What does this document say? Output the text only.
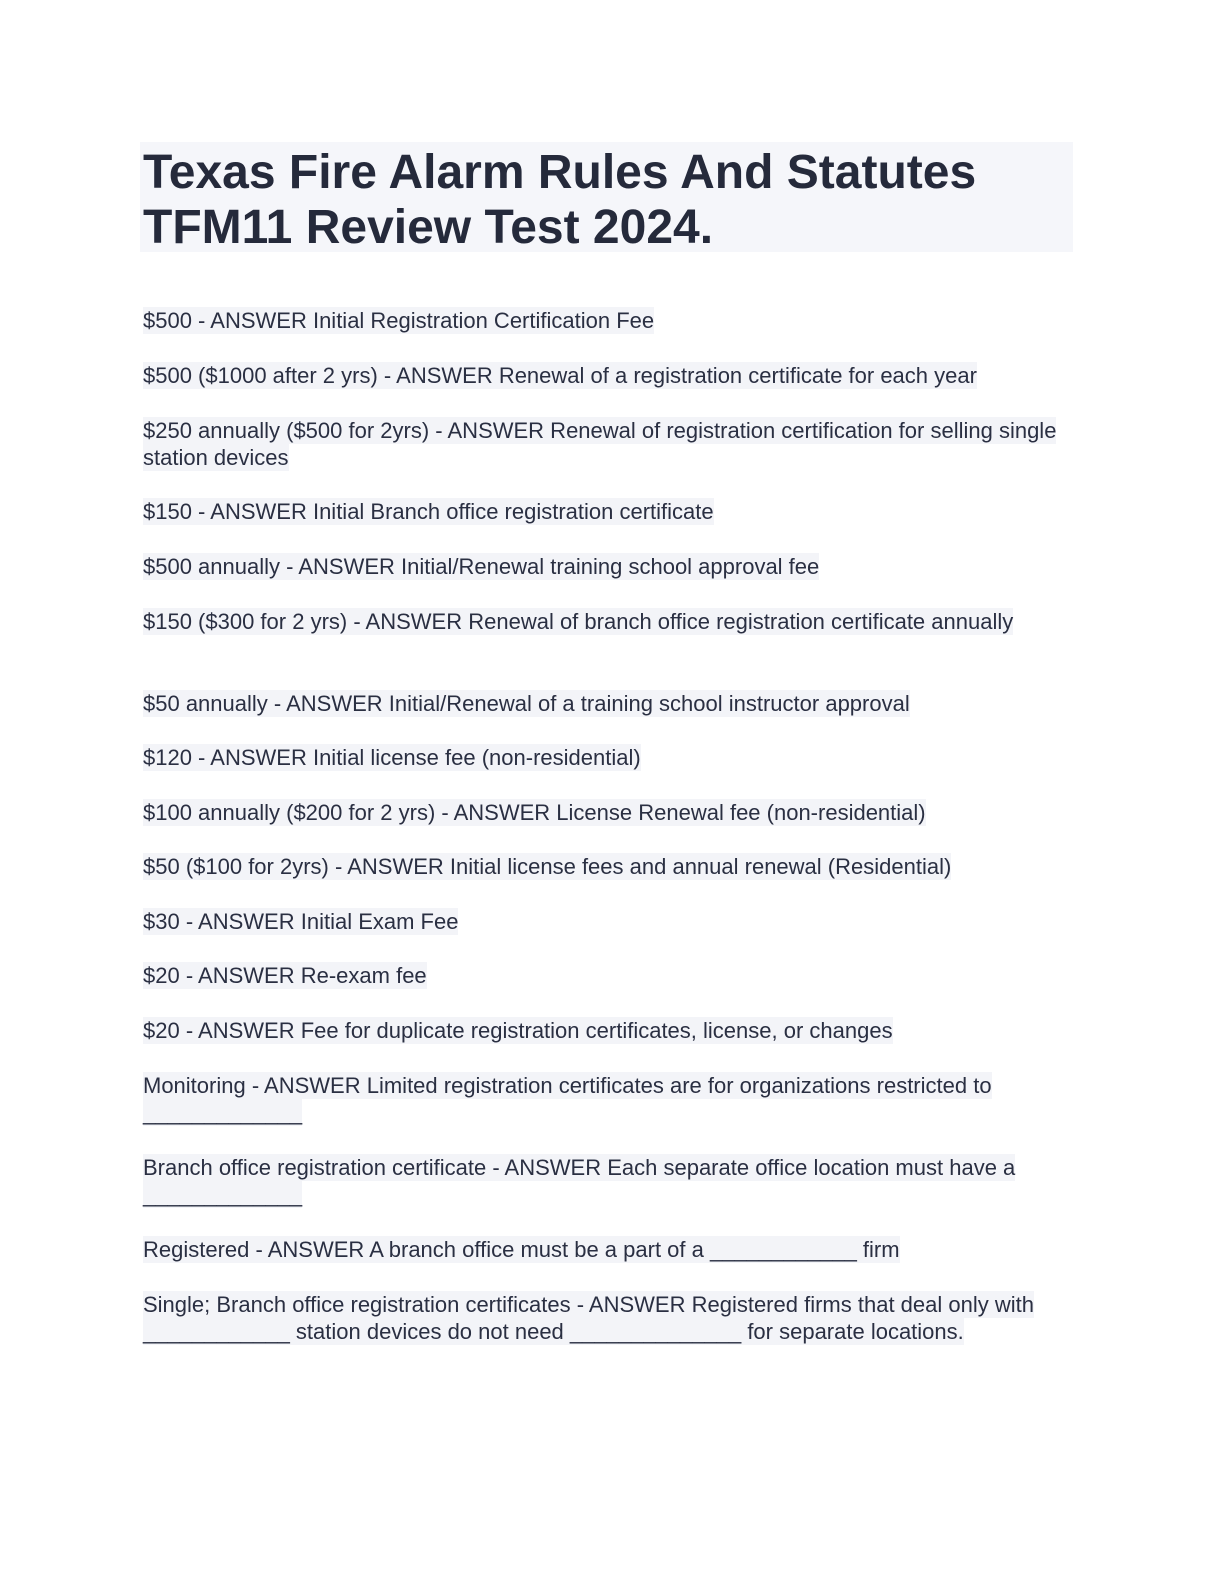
Texas Fire Alarm Rules And Statutes
TFM11 Review Test 2024.

$500 - ANSWER Initial Registration Certification Fee

$500 ($1000 after 2 yrs) - ANSWER Renewal of a registration certificate for each year

$250 annually ($500 for 2yrs) - ANSWER Renewal of registration certification for selling single station devices

$150 - ANSWER Initial Branch office registration certificate

$500 annually - ANSWER Initial/Renewal training school approval fee

$150 ($300 for 2 yrs) - ANSWER Renewal of branch office registration certificate annually

$50 annually - ANSWER Initial/Renewal of a training school instructor approval

$120 - ANSWER Initial license fee (non-residential)

$100 annually ($200 for 2 yrs) - ANSWER License Renewal fee (non-residential)

$50 ($100 for 2yrs) - ANSWER Initial license fees and annual renewal (Residential)

$30 - ANSWER Initial Exam Fee

$20 - ANSWER Re-exam fee

$20 - ANSWER Fee for duplicate registration certificates, license, or changes

Monitoring - ANSWER Limited registration certificates are for organizations restricted to _____________

Branch office registration certificate - ANSWER Each separate office location must have a _____________

Registered - ANSWER A branch office must be a part of a ____________ firm

Single; Branch office registration certificates - ANSWER Registered firms that deal only with ____________ station devices do not need ______________ for separate locations.
